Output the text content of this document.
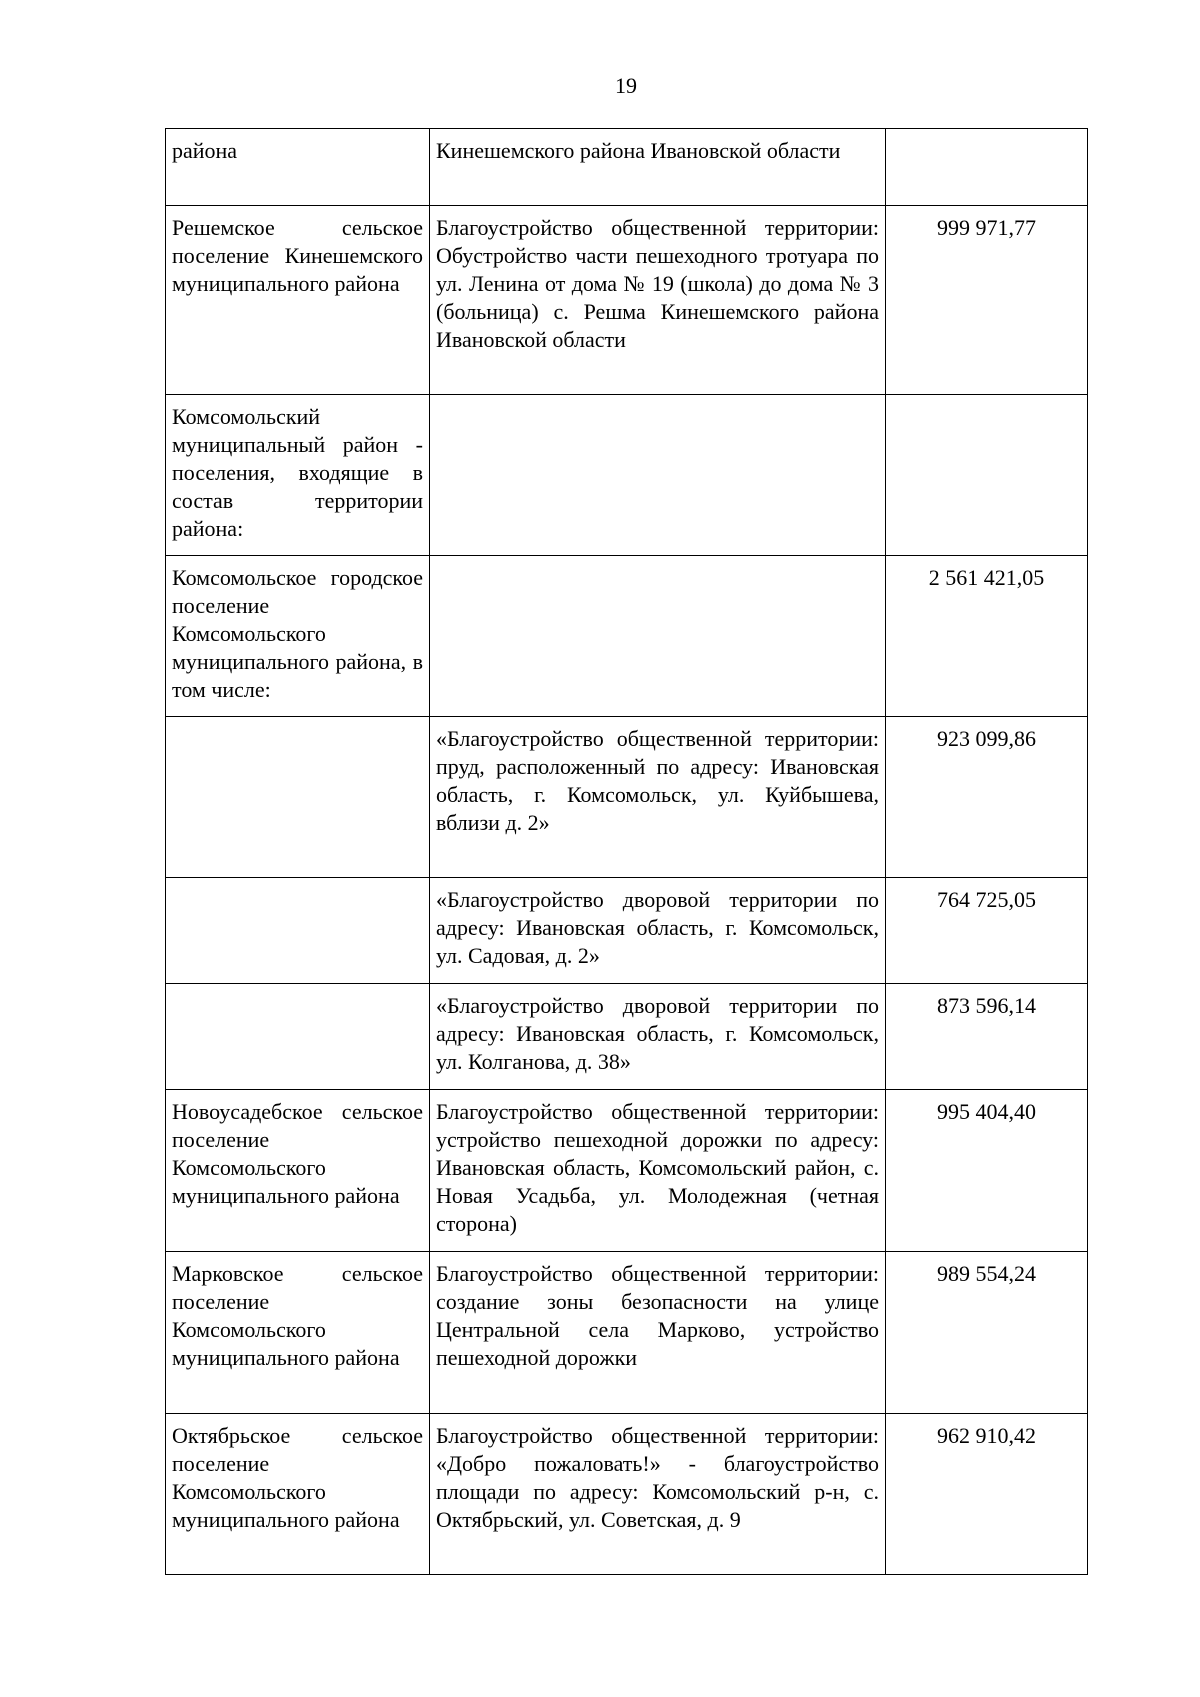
19
района	Кинешемского района Ивановской области	
Решемское сельское поселение Кинешемского муниципального района	Благоустройство общественной территории: Обустройство части пешеходного тротуара по ул. Ленина от дома № 19 (школа) до дома № 3 (больница) с. Решма Кинешемского района Ивановской области	999 971,77
Комсомольский муниципальный район - поселения, входящие в состав территории района:		
Комсомольское городское поселение Комсомольского муниципального района, в том числе:		2 561 421,05
	«Благоустройство общественной территории: пруд, расположенный по адресу: Ивановская область, г. Комсомольск, ул. Куйбышева, вблизи д. 2»	923 099,86
	«Благоустройство дворовой территории по адресу: Ивановская область, г. Комсомольск, ул. Садовая, д. 2»	764 725,05
	«Благоустройство дворовой территории по адресу: Ивановская область, г. Комсомольск, ул. Колганова, д. 38»	873 596,14
Новоусадебское сельское поселение Комсомольского муниципального района	Благоустройство общественной территории: устройство пешеходной дорожки по адресу: Ивановская область, Комсомольский район, с. Новая Усадьба, ул. Молодежная (четная сторона)	995 404,40
Марковское сельское поселение Комсомольского муниципального района	Благоустройство общественной территории: создание зоны безопасности на улице Центральной села Марково, устройство пешеходной дорожки	989 554,24
Октябрьское сельское поселение Комсомольского муниципального района	Благоустройство общественной территории: «Добро пожаловать!» - благоустройство площади по адресу: Комсомольский р-н, с. Октябрьский, ул. Советская, д. 9	962 910,42
